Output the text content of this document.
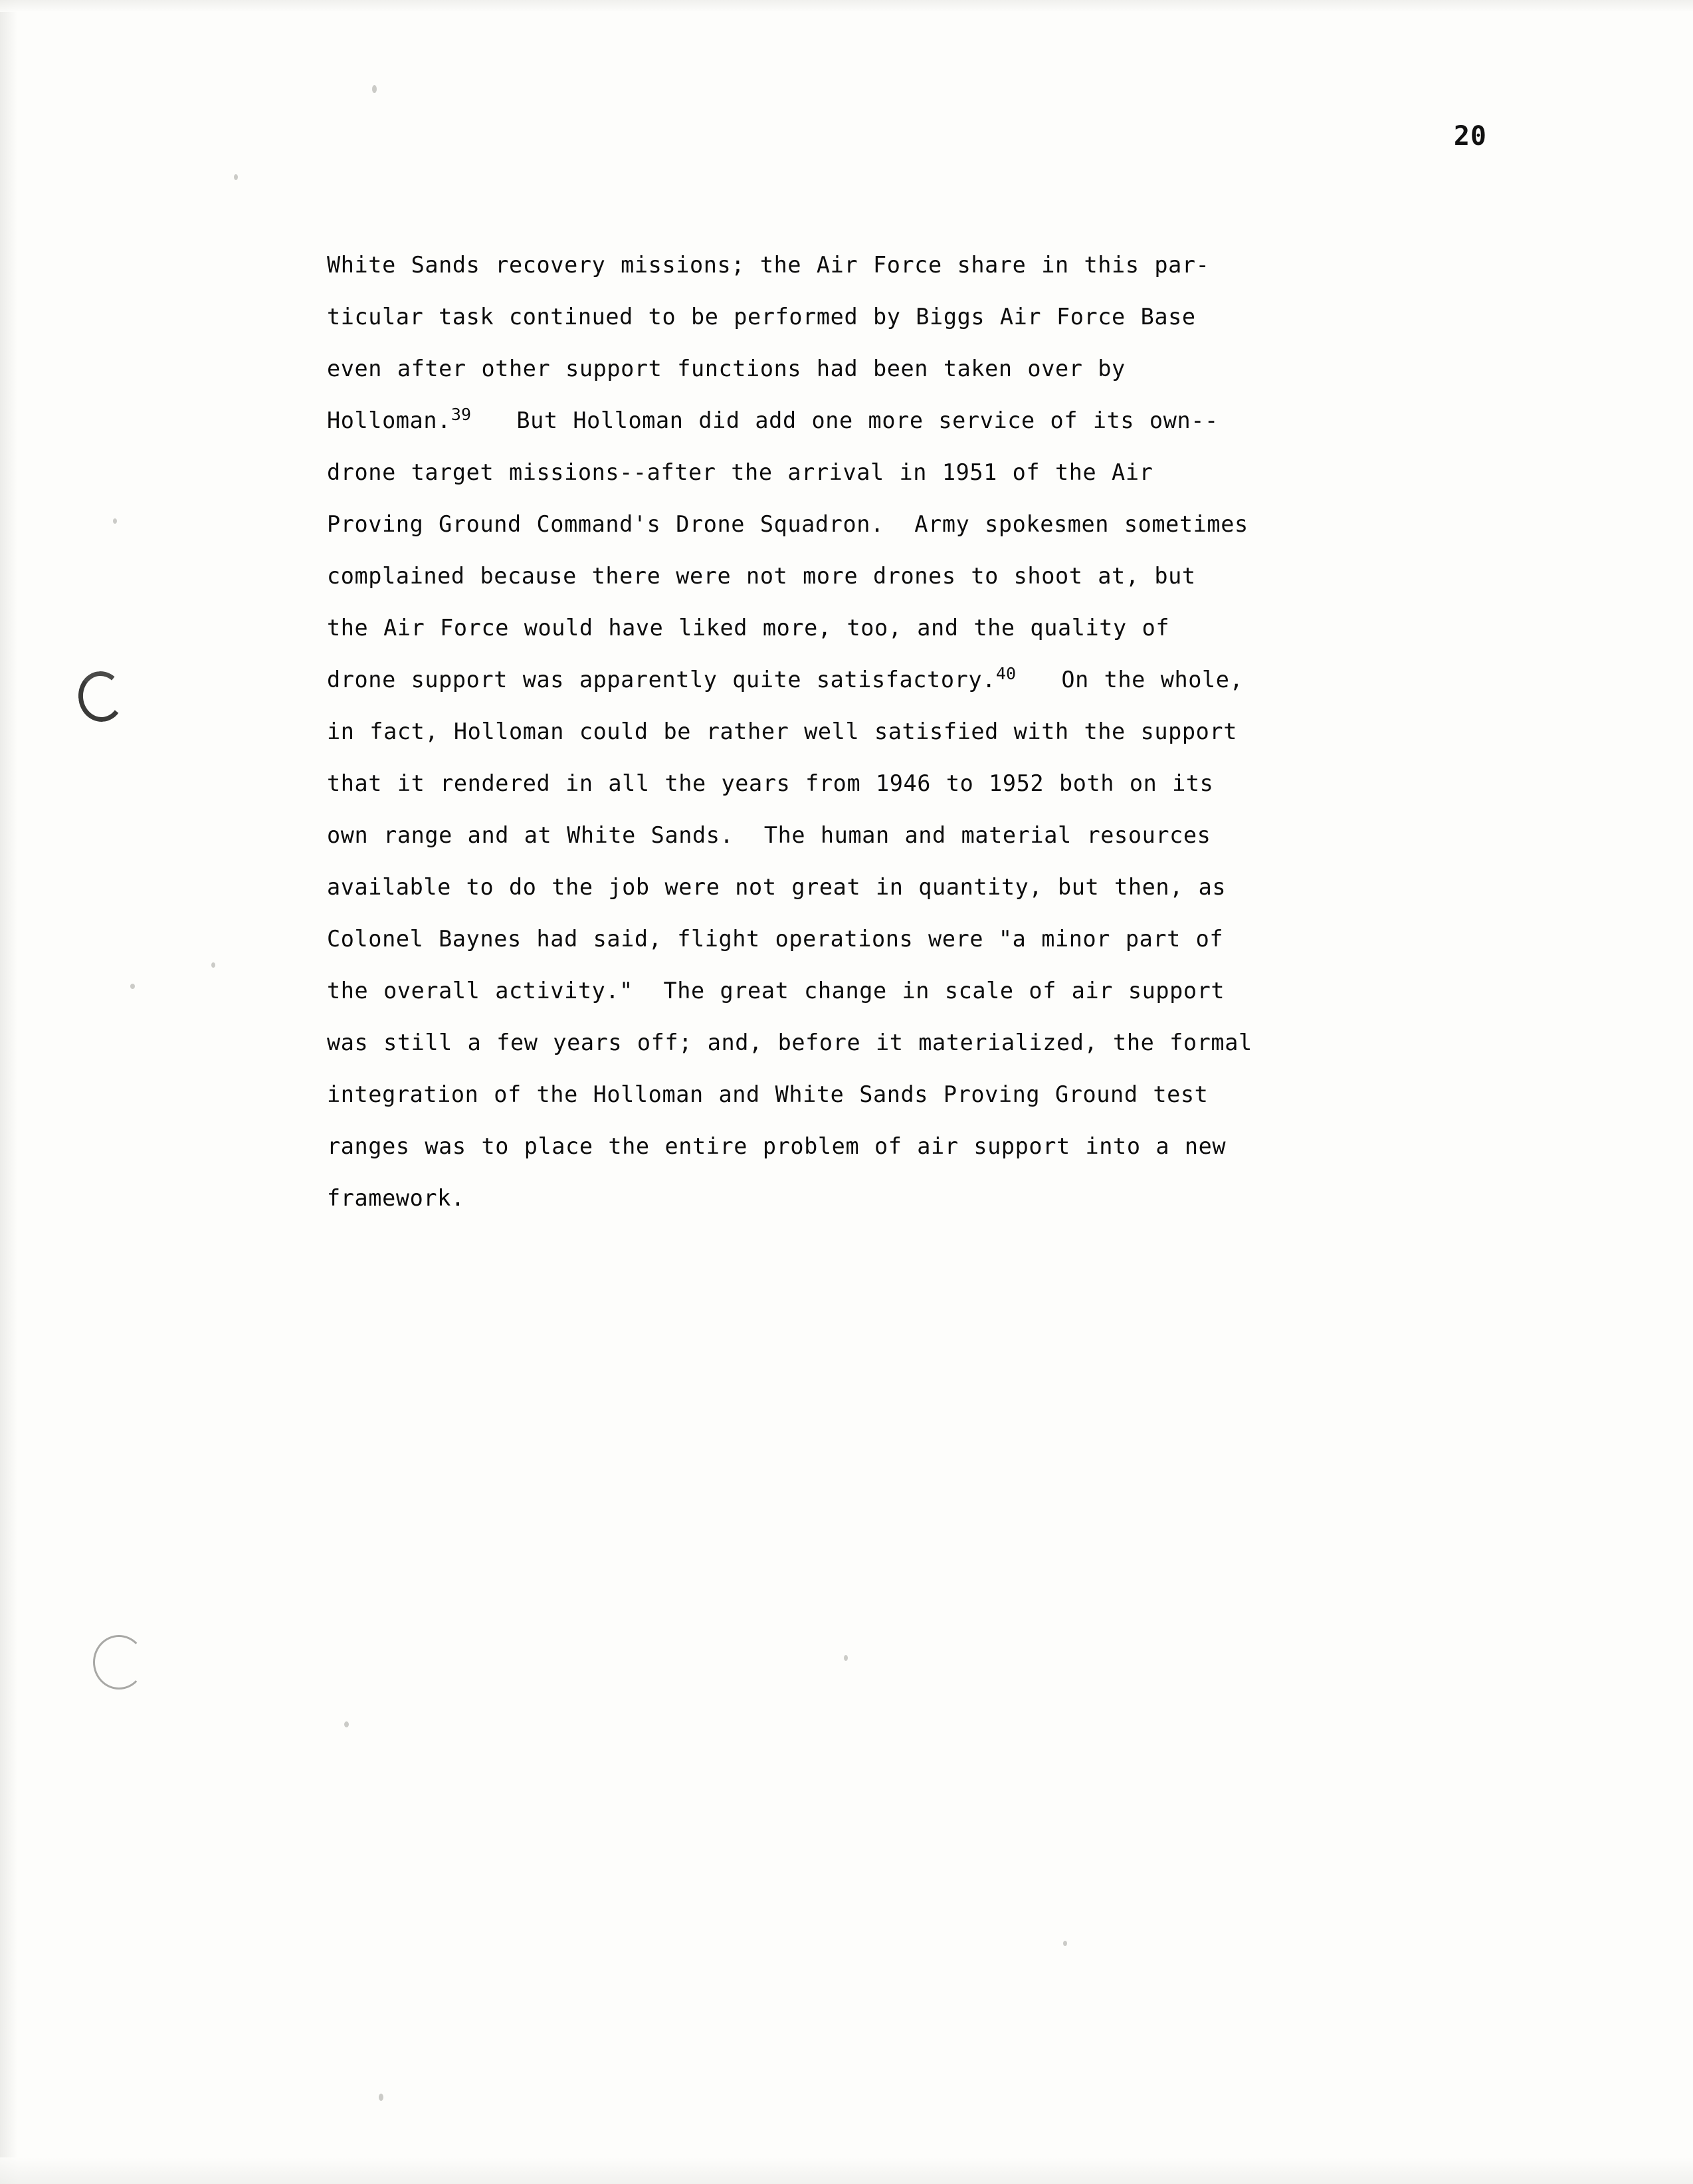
20
White Sands recovery missions; the Air Force share in this par-
ticular task continued to be performed by Biggs Air Force Base
even after other support functions had been taken over by
Holloman.$^{39}$   But Holloman did add one more service of its own--
drone target missions--after the arrival in 1951 of the Air
Proving Ground Command's Drone Squadron.  Army spokesmen sometimes
complained because there were not more drones to shoot at, but
the Air Force would have liked more, too, and the quality of
drone support was apparently quite satisfactory.$^{40}$   On the whole,
in fact, Holloman could be rather well satisfied with the support
that it rendered in all the years from 1946 to 1952 both on its
own range and at White Sands.  The human and material resources
available to do the job were not great in quantity, but then, as
Colonel Baynes had said, flight operations were "a minor part of
the overall activity."  The great change in scale of air support
was still a few years off; and, before it materialized, the formal
integration of the Holloman and White Sands Proving Ground test
ranges was to place the entire problem of air support into a new
framework.
